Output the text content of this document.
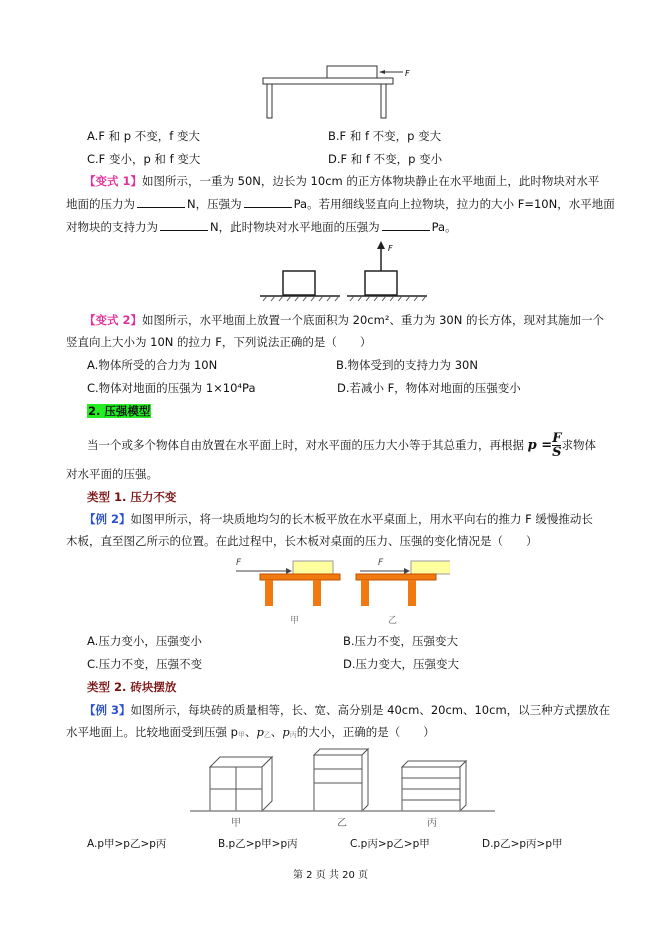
F
A.F 和 p 不变，f 变大	B.F 和 f 不变，p 变大
C.F 变小，p 和 f 变大	D.F 和 f 不变，p 变小
【变式 1】如图所示，一重为 50N，边长为 10cm 的正方体物块静止在水平地面上，此时物块对水平
地面的压力为	N，压强为	Pa。若用细线竖直向上拉物块，拉力的大小 F=10N，水平地面
对物块的支持力为	N，此时物块对水平地面的压强为	Pa。
F
【变式 2】如图所示，水平地面上放置一个底面积为 20cm²、重力为 30N 的长方体，现对其施加一个
竖直向上大小为 10N 的拉力 F，下列说法正确的是（　　）
A.物体所受的合力为 10N	B.物体受到的支持力为 30N
C.物体对地面的压强为 1×10⁴Pa	D.若减小 F，物体对地面的压强变小
2. 压强模型
当一个或多个物体自由放置在水平面上时，对水平面的压力大小等于其总重力，再根据 $p = \frac{F}{S}$ 求物体
对水平面的压强。
类型 1. 压力不变
【例 2】如图甲所示，将一块质地均匀的长木板平放在水平桌面上，用水平向右的推力 F 缓慢推动长
木板，直至图乙所示的位置。在此过程中，长木板对桌面的压力、压强的变化情况是（　　）
F
甲
F
乙
A.压力变小，压强变小	B.压力不变，压强变大
C.压力不变，压强不变	D.压力变大，压强变大
类型 2. 砖块摆放
【例 3】如图所示，每块砖的质量相等，长、宽、高分别是 40cm、20cm、10cm，以三种方式摆放在
水平地面上。比较地面受到压强 $p_甲$、$p_乙$、$p_丙$的大小，正确的是（　　）
甲	乙	丙
A.p甲>p乙>p丙	B.p乙>p甲>p丙	C.p丙>p乙>p甲	D.p乙>p丙>p甲
第 2 页 共 20 页
